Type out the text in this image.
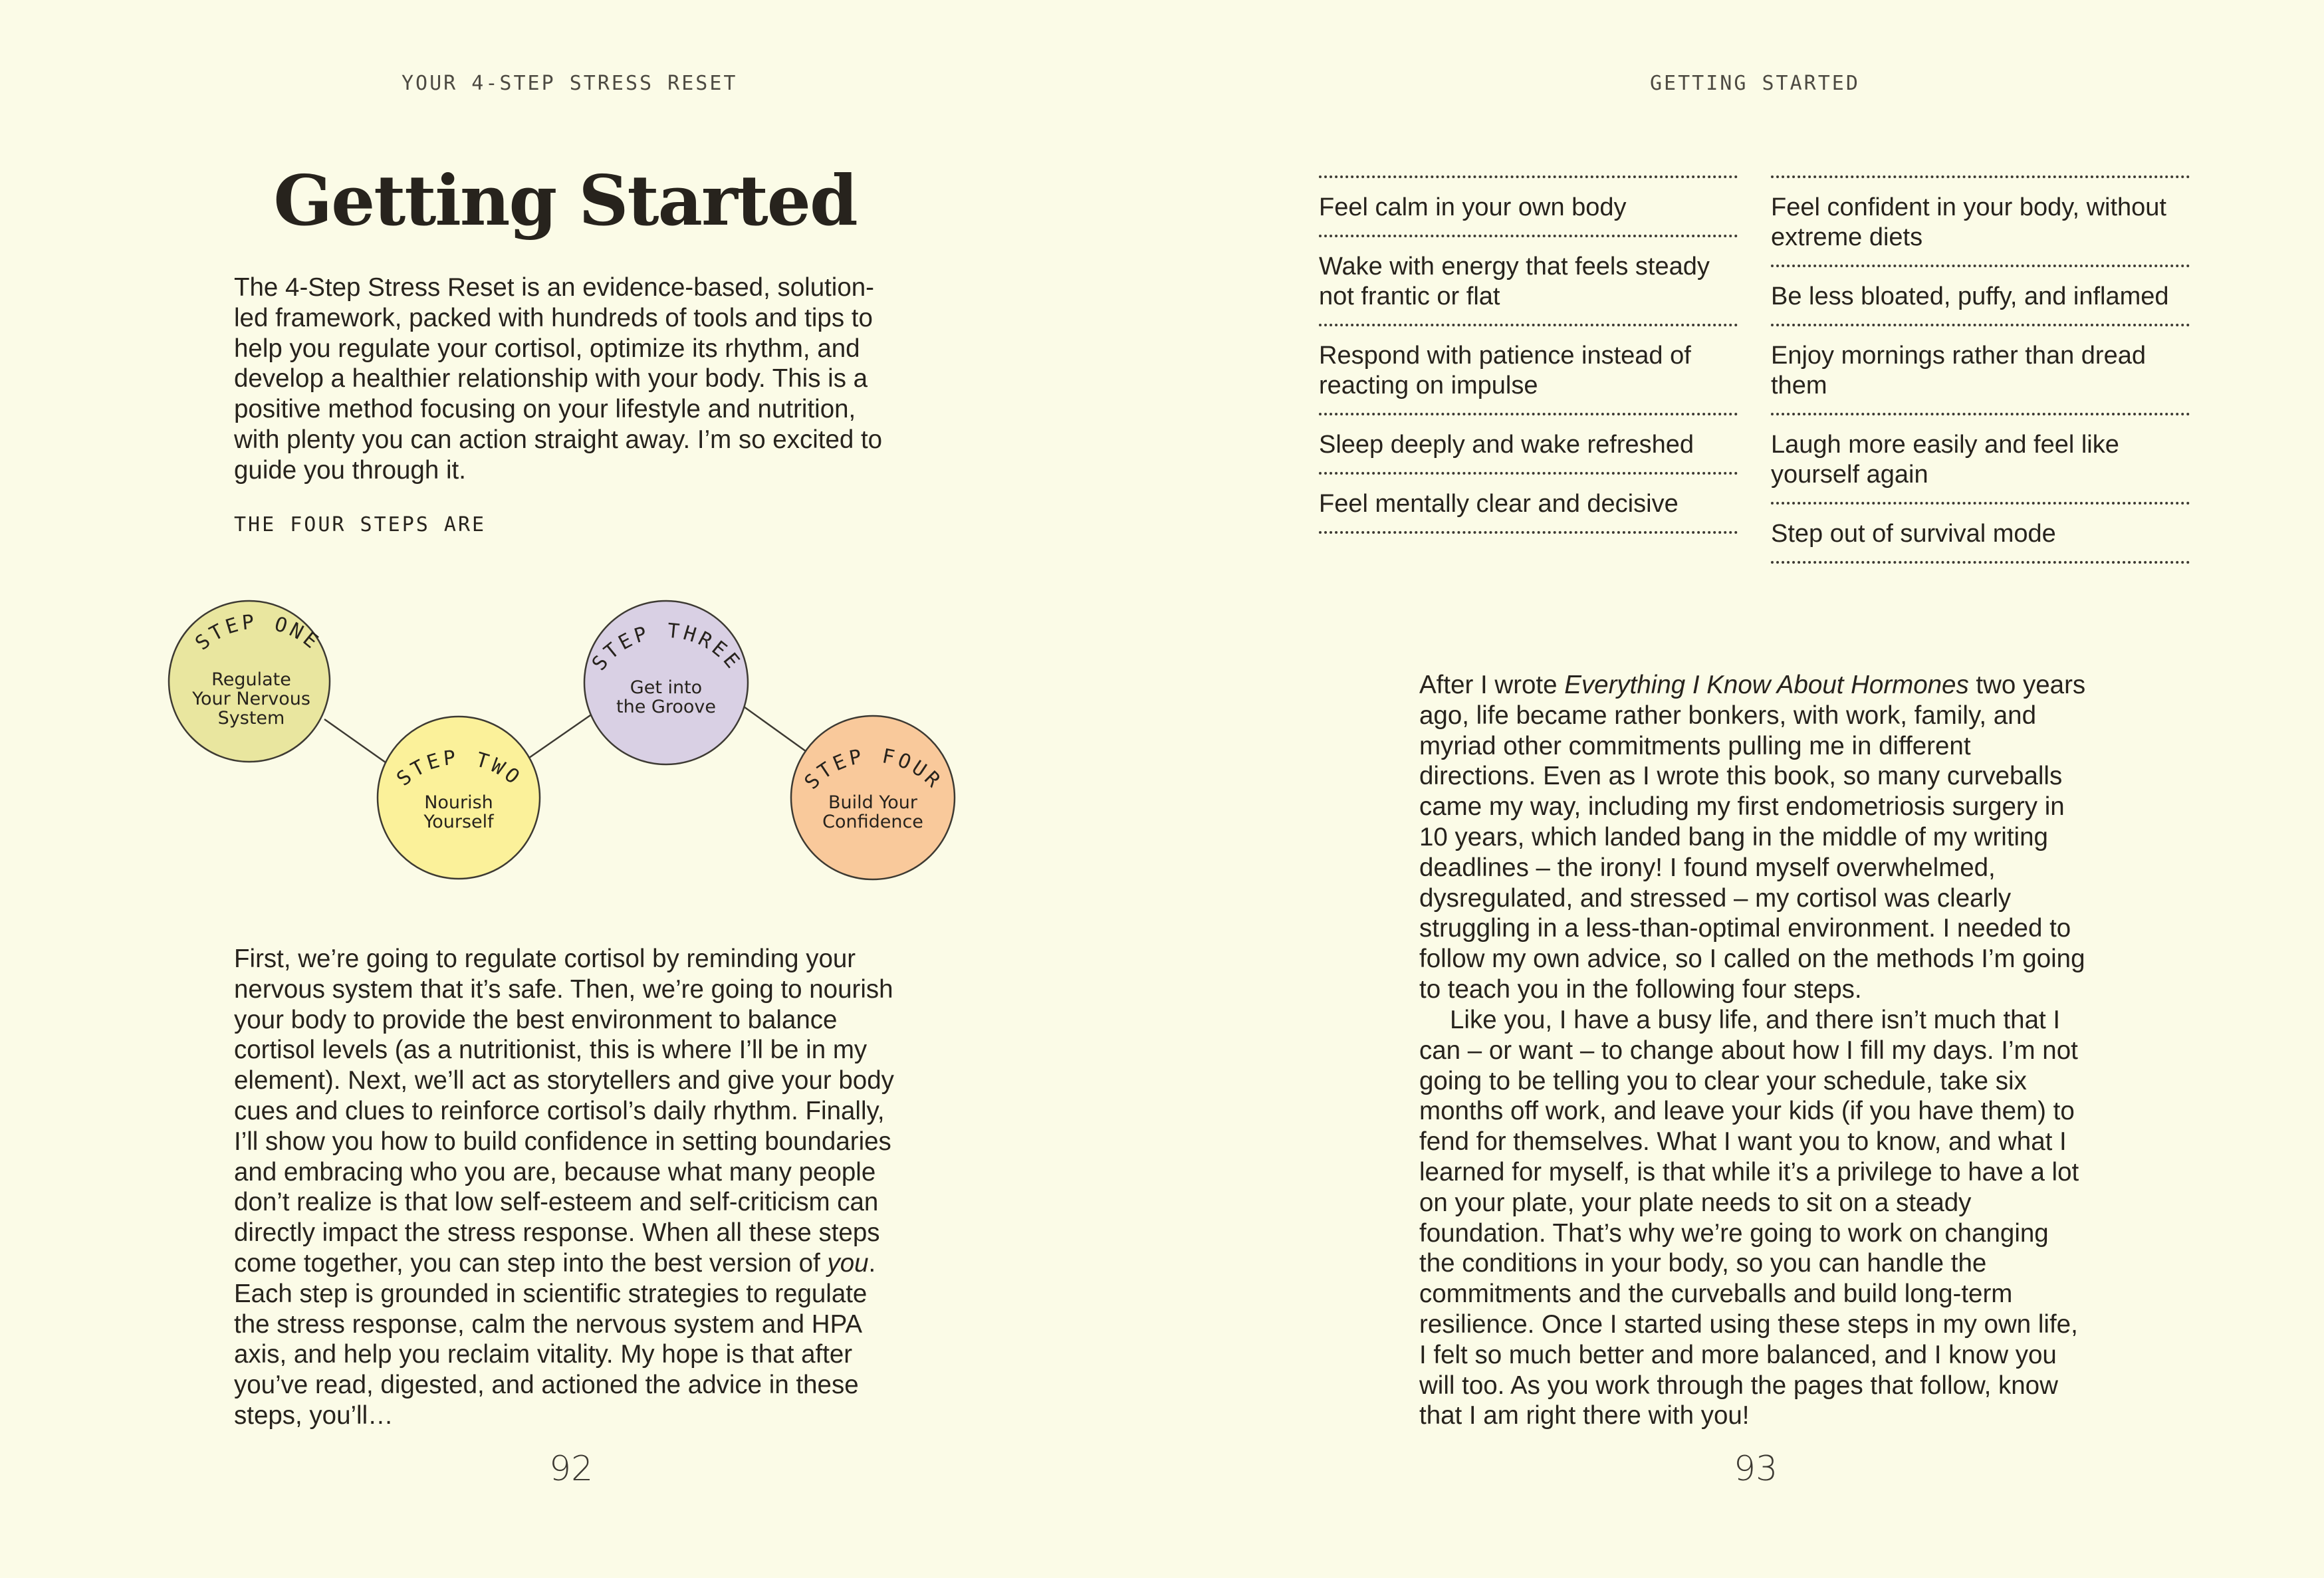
YOUR 4-STEP STRESS RESET
Getting Started

The 4-Step Stress Reset is an evidence-based, solution-led framework, packed with hundreds of tools and tips to help you regulate your cortisol, optimize its rhythm, and develop a healthier relationship with your body. This is a positive method focusing on your lifestyle and nutrition, with plenty you can action straight away. I’m so excited to guide you through it.

THE FOUR STEPS ARE
STEP ONE
Regulate
Your Nervous
System
STEP TWO
Nourish
Yourself
STEP THREE
Get into
the Groove
STEP FOUR
Build Your
Confidence

First, we’re going to regulate cortisol by reminding your nervous system that it’s safe. Then, we’re going to nourish your body to provide the best environment to balance cortisol levels (as a nutritionist, this is where I’ll be in my element). Next, we’ll act as storytellers and give your body cues and clues to reinforce cortisol’s daily rhythm. Finally, I’ll show you how to build confidence in setting boundaries and embracing who you are, because what many people don’t realize is that low self-esteem and self-criticism can directly impact the stress response. When all these steps come together, you can step into the best version of you. Each step is grounded in scientific strategies to regulate the stress response, calm the nervous system and HPA axis, and help you reclaim vitality. My hope is that after you’ve read, digested, and actioned the advice in these steps, you’ll…

92
GETTING STARTED

Feel calm in your own body

Wake with energy that feels steady not frantic or flat

Respond with patience instead of reacting on impulse

Sleep deeply and wake refreshed

Feel mentally clear and decisive

Feel confident in your body, without extreme diets

Be less bloated, puffy, and inflamed

Enjoy mornings rather than dread them

Laugh more easily and feel like yourself again

Step out of survival mode

After I wrote Everything I Know About Hormones two years ago, life became rather bonkers, with work, family, and myriad other commitments pulling me in different directions. Even as I wrote this book, so many curveballs came my way, including my first endometriosis surgery in 10 years, which landed bang in the middle of my writing deadlines – the irony! I found myself overwhelmed, dysregulated, and stressed – my cortisol was clearly struggling in a less-than-optimal environment. I needed to follow my own advice, so I called on the methods I’m going to teach you in the following four steps.

Like you, I have a busy life, and there isn’t much that I can – or want – to change about how I fill my days. I’m not going to be telling you to clear your schedule, take six months off work, and leave your kids (if you have them) to fend for themselves. What I want you to know, and what I learned for myself, is that while it’s a privilege to have a lot on your plate, your plate needs to sit on a steady foundation. That’s why we’re going to work on changing the conditions in your body, so you can handle the commitments and the curveballs and build long-term resilience. Once I started using these steps in my own life, I felt so much better and more balanced, and I know you will too. As you work through the pages that follow, know that I am right there with you!

93
